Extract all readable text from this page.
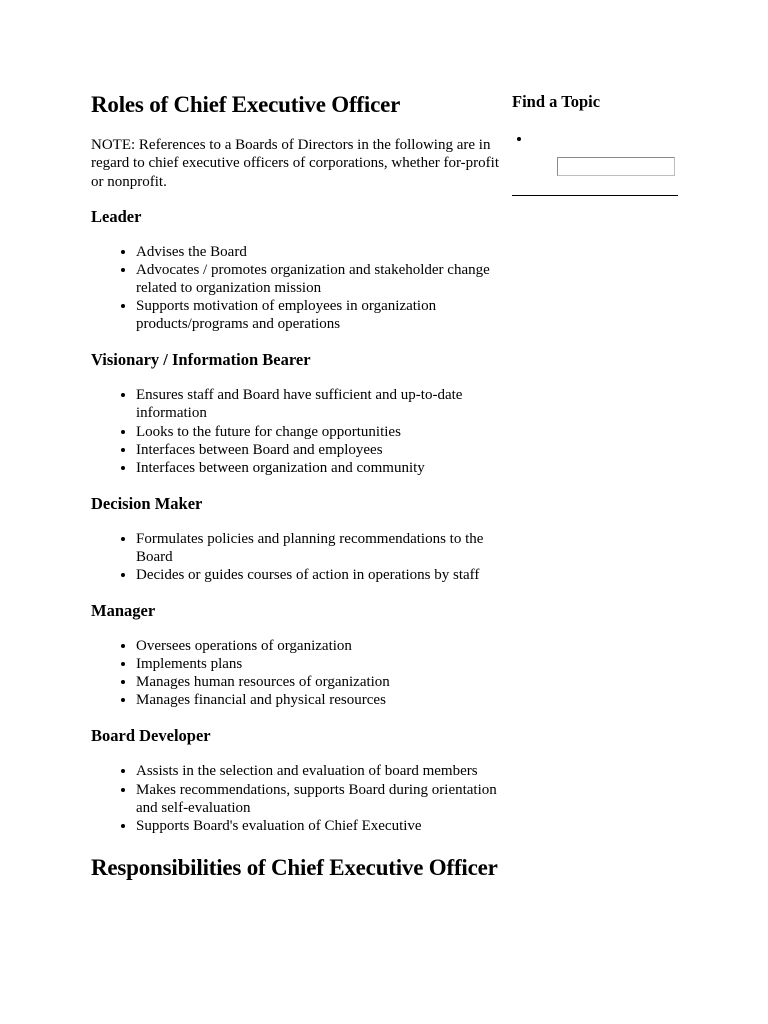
Roles of Chief Executive Officer

NOTE: References to a Boards of Directors in the following are in regard to chief executive officers of corporations, whether for-profit or nonprofit.

Leader
• Advises the Board
• Advocates / promotes organization and stakeholder change related to organization mission
• Supports motivation of employees in organization products/programs and operations
Visionary / Information Bearer
• Ensures staff and Board have sufficient and up-to-date information
• Looks to the future for change opportunities
• Interfaces between Board and employees
• Interfaces between organization and community
Decision Maker
• Formulates policies and planning recommendations to the Board
• Decides or guides courses of action in operations by staff
Manager
• Oversees operations of organization
• Implements plans
• Manages human resources of organization
• Manages financial and physical resources
Board Developer
• Assists in the selection and evaluation of board members
• Makes recommendations, supports Board during orientation and self-evaluation
• Supports Board's evaluation of Chief Executive
Responsibilities of Chief Executive Officer
Find a Topic
•
